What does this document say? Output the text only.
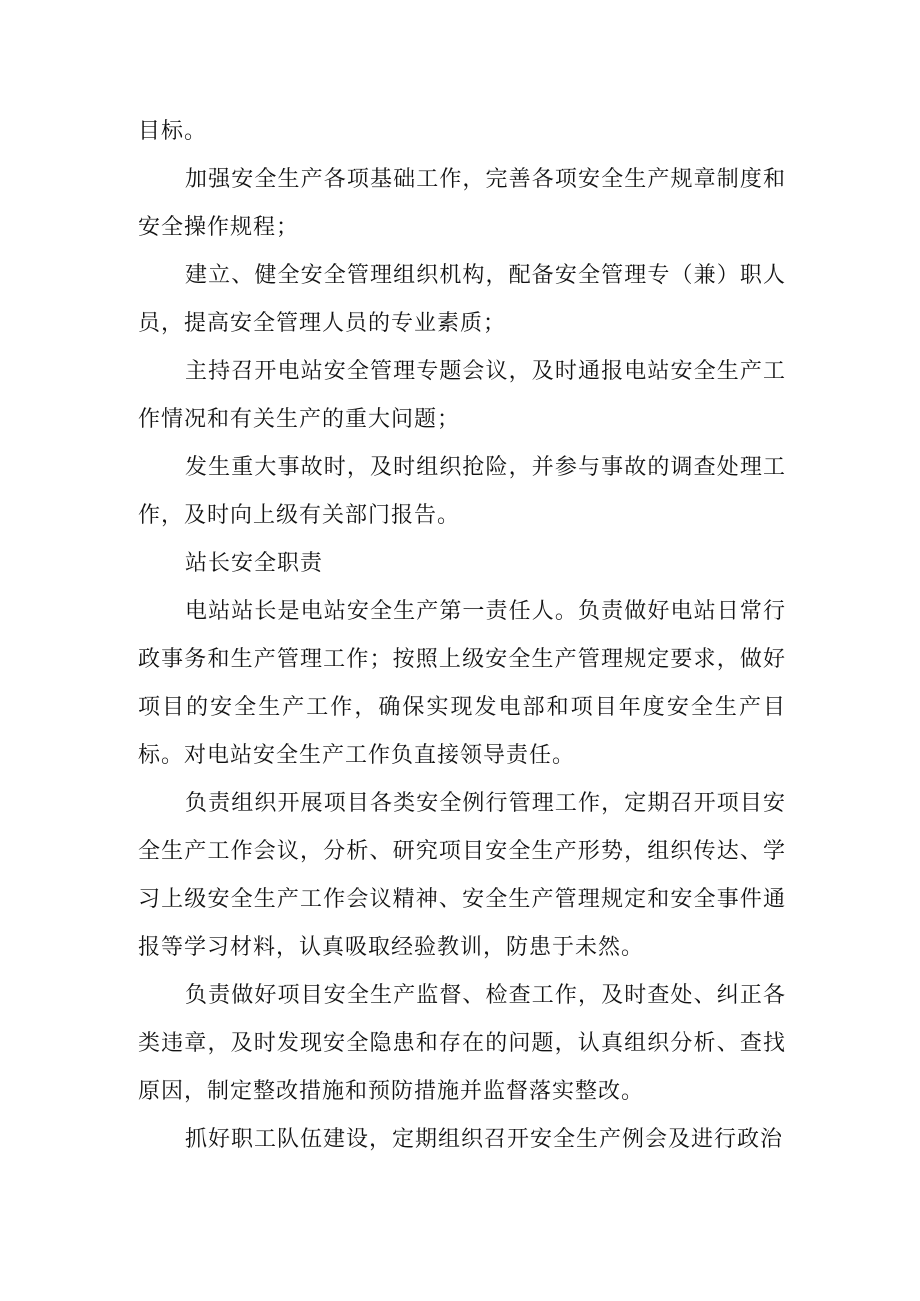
目标。

加强安全生产各项基础工作，完善各项安全生产规章制度和安全操作规程；

建立、健全安全管理组织机构，配备安全管理专（兼）职人员，提高安全管理人员的专业素质；

主持召开电站安全管理专题会议，及时通报电站安全生产工作情况和有关生产的重大问题；

发生重大事故时，及时组织抢险，并参与事故的调查处理工作，及时向上级有关部门报告。

站长安全职责

电站站长是电站安全生产第一责任人。负责做好电站日常行政事务和生产管理工作；按照上级安全生产管理规定要求，做好项目的安全生产工作，确保实现发电部和项目年度安全生产目标。对电站安全生产工作负直接领导责任。

负责组织开展项目各类安全例行管理工作，定期召开项目安全生产工作会议，分析、研究项目安全生产形势，组织传达、学习上级安全生产工作会议精神、安全生产管理规定和安全事件通报等学习材料，认真吸取经验教训，防患于未然。

负责做好项目安全生产监督、检查工作，及时查处、纠正各类违章，及时发现安全隐患和存在的问题，认真组织分析、查找原因，制定整改措施和预防措施并监督落实整改。

抓好职工队伍建设，定期组织召开安全生产例会及进行政治
